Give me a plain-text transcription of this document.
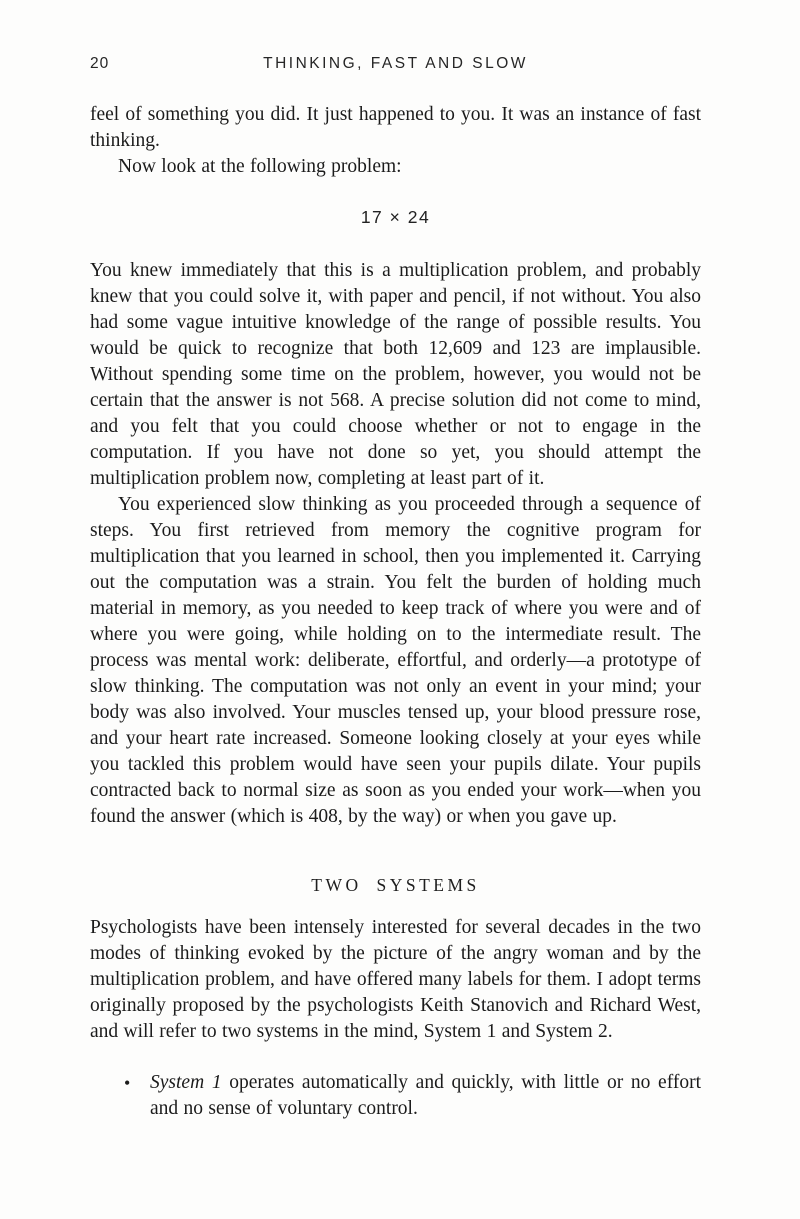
20	THINKING, FAST AND SLOW

feel of something you did. It just happened to you. It was an instance of fast thinking.

Now look at the following problem:

17 × 24

You knew immediately that this is a multiplication problem, and probably knew that you could solve it, with paper and pencil, if not without. You also had some vague intuitive knowledge of the range of possible results. You would be quick to recognize that both 12,609 and 123 are implausible. Without spending some time on the problem, however, you would not be certain that the answer is not 568. A precise solution did not come to mind, and you felt that you could choose whether or not to engage in the computation. If you have not done so yet, you should attempt the multiplication problem now, completing at least part of it.

You experienced slow thinking as you proceeded through a sequence of steps. You first retrieved from memory the cognitive program for multiplication that you learned in school, then you implemented it. Carrying out the computation was a strain. You felt the burden of holding much material in memory, as you needed to keep track of where you were and of where you were going, while holding on to the intermediate result. The process was mental work: deliberate, effortful, and orderly—a prototype of slow thinking. The computation was not only an event in your mind; your body was also involved. Your muscles tensed up, your blood pressure rose, and your heart rate increased. Someone looking closely at your eyes while you tackled this problem would have seen your pupils dilate. Your pupils contracted back to normal size as soon as you ended your work—when you found the answer (which is 408, by the way) or when you gave up.

TWO SYSTEMS

Psychologists have been intensely interested for several decades in the two modes of thinking evoked by the picture of the angry woman and by the multiplication problem, and have offered many labels for them. I adopt terms originally proposed by the psychologists Keith Stanovich and Richard West, and will refer to two systems in the mind, System 1 and System 2.

• System 1 operates automatically and quickly, with little or no effort and no sense of voluntary control.
